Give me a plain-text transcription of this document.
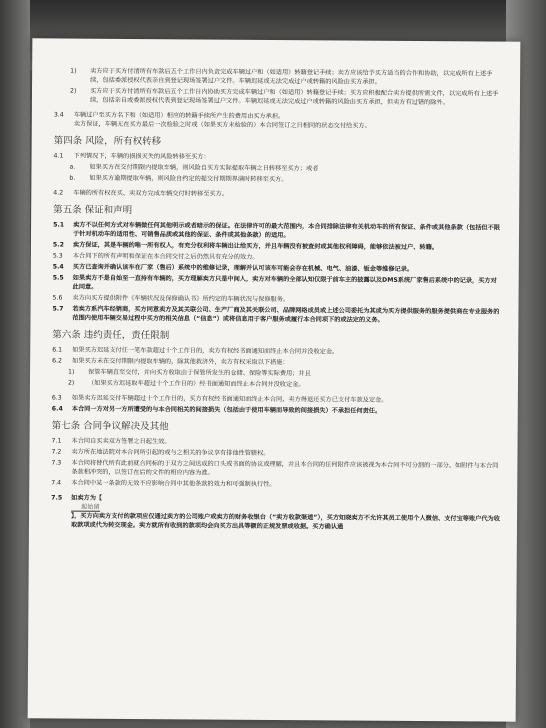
1)	卖方应于买方付清所有车款后五个工作日内负责完成车辆过户和（如适用）转籍登记手续；卖方应该给予买方适当的合作和协助，以完成所有上述手续，包括委派授权代表亲自到登记现场签署过户文件。车辆迟延或无法完成过户或转籍的风险由买方承担。
2)	买方应于买方付清所有车款后五个工作日内协助买方完成车辆过户和（如适用）转籍登记手续；买方应积极配合卖方提供所需文件，以完成所有上述手续，包括亲自或委派授权代表到登记现场签署过户文件。车辆迟延或无法完成过户或转籍的风险由买方承担，但卖方有过错的除外。
3.4	车辆过户至买方名下和（如适用）相应的转籍手续所产生的费用由买方承担。
卖方保证，车辆无在买方最后一次检验之时或（如果买方未检验的）本合同签订之日相同的状态交付给买方。
第四条 风险，所有权转移
4.1	下列情况下，车辆的损损灭失的风险转移至买方：
a.	如果买方在交付期限内提取车辆，则风险自买方实际提取车辆之日转移至买方；或者
b.	如果买方逾期提取车辆，则风险自约定的提交付期期界满时转移至买方。
4.2	车辆的所有权在买、卖双方完成车辆交付时转移至买方。
第五条 保证和声明
5.1	卖方不以任何方式对车辆做任何其他明示或者暗示的保证。在法律许可的最大范围内，本合同排除法律有关机动车的所有保证、条件或其他条款（包括但不限于针对机动车的适用性、可销售品质或其他的保证、条件或其他条款）的适用。
5.2	卖方保证，其是车辆的唯一所有权人，有充分权利将车辆出让给买方，并且车辆没有被查封或其他权利障碍，能够依法被过户、转籍。
5.3	本合同下的所有声明和保证在本合同交付之后仍然具有充分的效力。
5.4	买方已查询并确认该车在厂家（售后）系统中的维修记录，理解并认可该车可能会存在机械、电气、油漆、钣金等维修记录。
5.5	如果卖方不是自始至一直持有车辆的，买方理解卖方只是中间人，卖方对车辆的全部认知仅限于前车主的披露以及DMS系统厂家售后系统中的记录，买方对此同意。
5.6	卖方向买方提供附件《车辆状况及保修确认书》所约定的车辆状况与保修服务。
5.7	若卖方系汽车经销商，买方同意卖方及其关联公司、生产厂商及其关联公司、品牌网络成员或上述公司委托为其或为买方提供服务的服务提供商在专业服务的范围内使用车辆交易过程中买方的相关信息（“信息”）或将信息用于客户服务或履行本合同项下的或法定的义务。
第六条 违约责任，责任限制
6.1	如果买方迟延支付任一笔车款超过十个工作日的，卖方有权经书面通知而终止本合同并没收定金。
6.2	如果买方未在交付期限内提取车辆的，除其他救济外，卖方有权采取以下措施：
1)	保管车辆直至交付，并向买方收取由于保管所发生的仓储、保险等实际费用；并且
2)	（如果买方迟延取车超过十个工作日的）经书面通知而终止本合同并没收定金。
6.3	如果卖方迟延交付车辆超过十个工作日的，买方有权经书面通知而终止本合同，卖方得退还买方已支付车款及定金。
6.4	本合同一方对另一方所遭受的与本合同相关的间接损失（包括由于使用车辆而导致的间接损失）不承担任何责任。
第七条 合同争议解决及其他
7.1	本合同自买卖双方签署之日起生效。
7.2	卖方所在地法院对本合同所引起的或与之相关的争议享有排他性管辖权。
7.3	本合同将替代所有此前就合同标的于双方之间达成的口头或书面的协议或理解，并且本合同的任何附件应该被视为本合同不可分割的一部分。如附件与本合同条款相冲突的，以签订在后的文件的相应内容为准。
7.4	本合同中某一条款的无效不应影响合同中其他条款的效力和可强制执行性。
7.5	如卖方为【
起始留
】，买方向卖方支付的款项应仅通过卖方的公司账户或卖方的财务收银台（“卖方收款渠道”），买方知晓卖方不允许其员工使用个人微信、支付宝等账户代为收取款项或代为转交现金。卖方就所有收到的款项均会向买方出具等额的正规发票或收据。买方确认通
